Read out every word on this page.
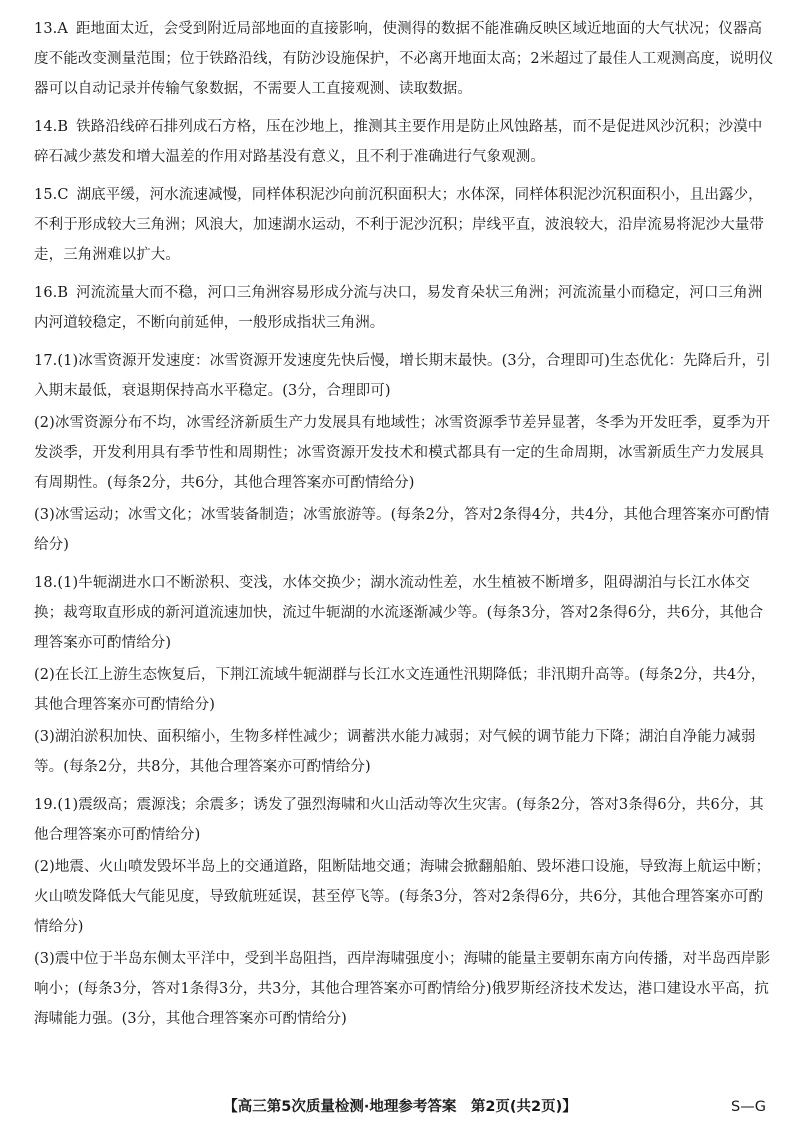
13.A 距地面太近，会受到附近局部地面的直接影响，使测得的数据不能准确反映区域近地面的大气状况；仪器高度不能改变测量范围；位于铁路沿线，有防沙设施保护，不必离开地面太高；2米超过了最佳人工观测高度，说明仪器可以自动记录并传输气象数据，不需要人工直接观测、读取数据。
14.B 铁路沿线碎石排列成石方格，压在沙地上，推测其主要作用是防止风蚀路基，而不是促进风沙沉积；沙漠中碎石减少蒸发和增大温差的作用对路基没有意义，且不利于准确进行气象观测。
15.C 湖底平缓，河水流速减慢，同样体积泥沙向前沉积面积大；水体深，同样体积泥沙沉积面积小，且出露少，不利于形成较大三角洲；风浪大，加速湖水运动，不利于泥沙沉积；岸线平直，波浪较大，沿岸流易将泥沙大量带走，三角洲难以扩大。
16.B 河流流量大而不稳，河口三角洲容易形成分流与决口，易发育朵状三角洲；河流流量小而稳定，河口三角洲内河道较稳定，不断向前延伸，一般形成指状三角洲。
17.(1)冰雪资源开发速度：冰雪资源开发速度先快后慢，增长期末最快。(3分，合理即可)生态优化：先降后升，引入期末最低，衰退期保持高水平稳定。(3分，合理即可)
(2)冰雪资源分布不均，冰雪经济新质生产力发展具有地域性；冰雪资源季节差异显著，冬季为开发旺季，夏季为开发淡季，开发利用具有季节性和周期性；冰雪资源开发技术和模式都具有一定的生命周期，冰雪新质生产力发展具有周期性。(每条2分，共6分，其他合理答案亦可酌情给分)
(3)冰雪运动；冰雪文化；冰雪装备制造；冰雪旅游等。(每条2分，答对2条得4分，共4分，其他合理答案亦可酌情给分)
18.(1)牛轭湖进水口不断淤积、变浅，水体交换少；湖水流动性差，水生植被不断增多，阻碍湖泊与长江水体交换；裁弯取直形成的新河道流速加快，流过牛轭湖的水流逐渐减少等。(每条3分，答对2条得6分，共6分，其他合理答案亦可酌情给分)
(2)在长江上游生态恢复后，下荆江流域牛轭湖群与长江水文连通性汛期降低；非汛期升高等。(每条2分，共4分，其他合理答案亦可酌情给分)
(3)湖泊淤积加快、面积缩小，生物多样性减少；调蓄洪水能力减弱；对气候的调节能力下降；湖泊自净能力减弱等。(每条2分，共8分，其他合理答案亦可酌情给分)
19.(1)震级高；震源浅；余震多；诱发了强烈海啸和火山活动等次生灾害。(每条2分，答对3条得6分，共6分，其他合理答案亦可酌情给分)
(2)地震、火山喷发毁坏半岛上的交通道路，阻断陆地交通；海啸会掀翻船舶、毁坏港口设施，导致海上航运中断；火山喷发降低大气能见度，导致航班延误，甚至停飞等。(每条3分，答对2条得6分，共6分，其他合理答案亦可酌情给分)
(3)震中位于半岛东侧太平洋中，受到半岛阻挡，西岸海啸强度小；海啸的能量主要朝东南方向传播，对半岛西岸影响小；(每条3分，答对1条得3分，共3分，其他合理答案亦可酌情给分)俄罗斯经济技术发达，港口建设水平高，抗海啸能力强。(3分，其他合理答案亦可酌情给分)
【高三第5次质量检测·地理参考答案　第2页(共2页)】	S—G
